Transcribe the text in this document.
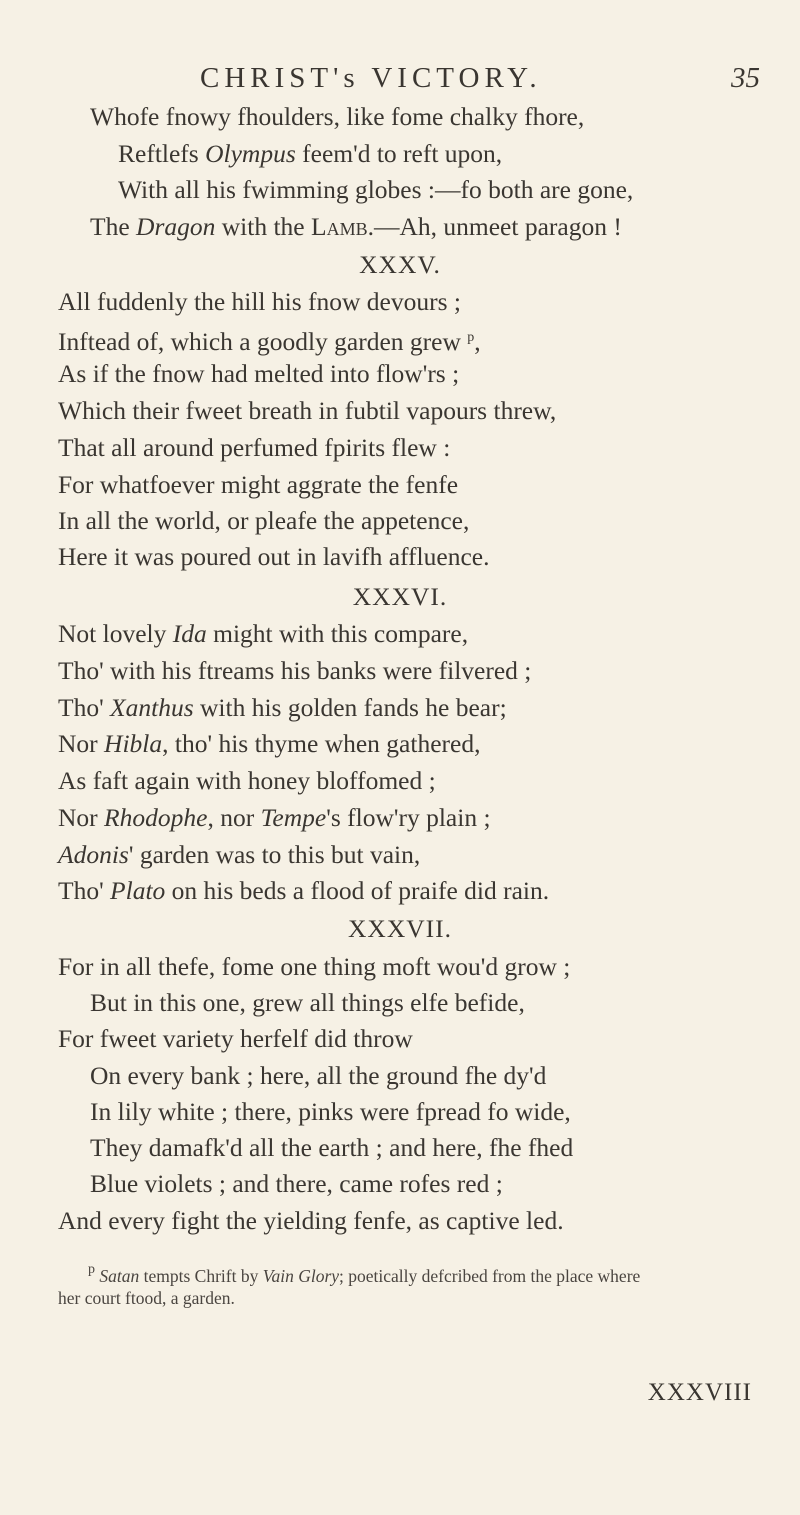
CHRIST's VICTORY.	35
Whofe fnowy fhoulders, like fome chalky fhore,
Reftlefs Olympus feem'd to reft upon,
With all his fwimming globes :—fo both are gone,
The Dragon with the Lamb.—Ah, unmeet paragon !
XXXV.
All fuddenly the hill his fnow devours ;
Inftead of, which a goodly garden grew $^p$,
As if the fnow had melted into flow'rs ;
Which their fweet breath in fubtil vapours threw,
That all around perfumed fpirits flew :
For whatfoever might aggrate the fenfe
In all the world, or pleafe the appetence,
Here it was poured out in lavifh affluence.
XXXVI.
Not lovely Ida might with this compare,
Tho' with his ftreams his banks were filvered ;
Tho' Xanthus with his golden fands he bear;
Nor Hibla, tho' his thyme when gathered,
As faft again with honey bloffomed ;
Nor Rhodophe, nor Tempe's flow'ry plain ;
Adonis' garden was to this but vain,
Tho' Plato on his beds a flood of praife did rain.
XXXVII.
For in all thefe, fome one thing moft wou'd grow ;
But in this one, grew all things elfe befide,
For fweet variety herfelf did throw
On every bank ; here, all the ground fhe dy'd
In lily white ; there, pinks were fpread fo wide,
They damafk'd all the earth ; and here, fhe fhed
Blue violets ; and there, came rofes red ;
And every fight the yielding fenfe, as captive led.
$^p$ Satan tempts Chrift by Vain Glory; poetically defcribed from the place where
her court ftood, a garden.
XXXVIII
